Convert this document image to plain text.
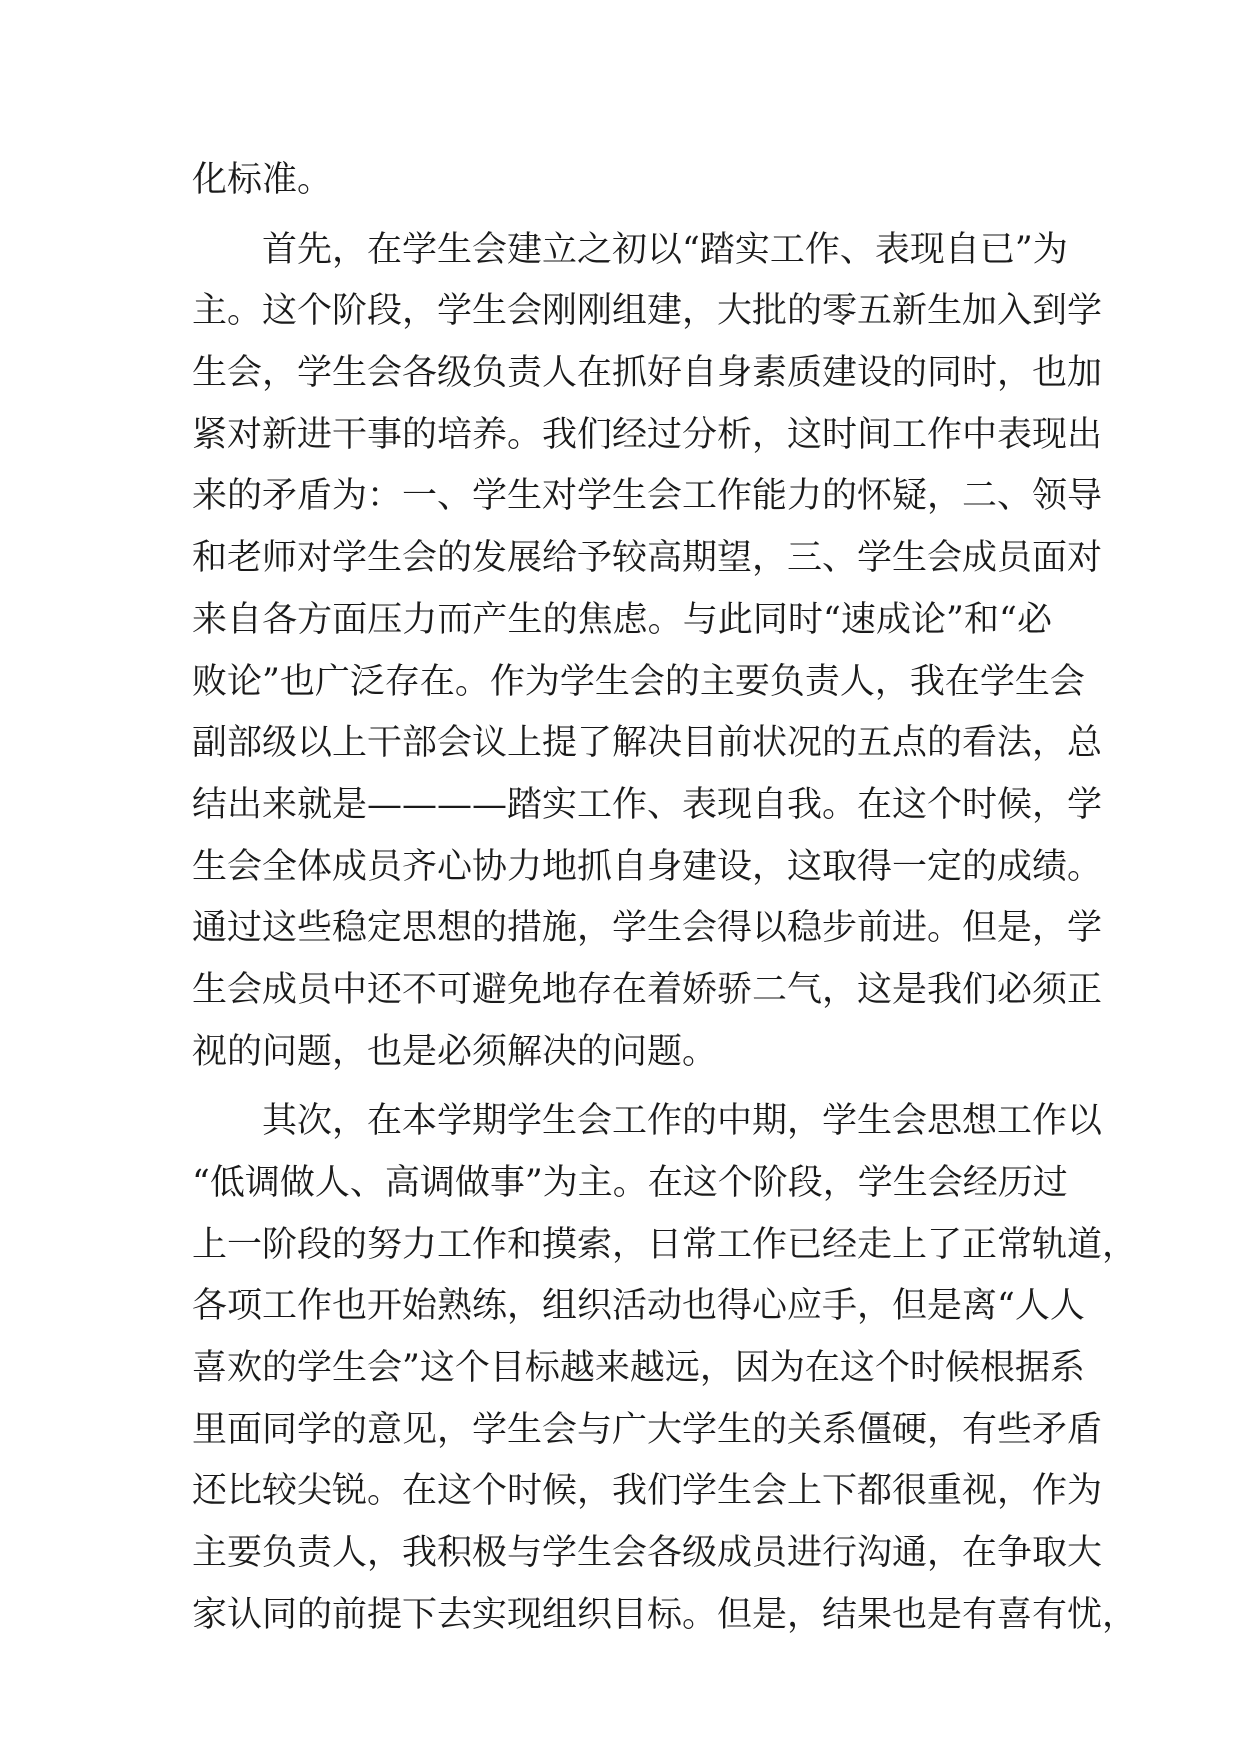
化标准。
　　首先，在学生会建立之初以“踏实工作、表现自已”为
主。这个阶段，学生会刚刚组建，大批的零五新生加入到学
生会，学生会各级负责人在抓好自身素质建设的同时，也加
紧对新进干事的培养。我们经过分析，这时间工作中表现出
来的矛盾为：一、学生对学生会工作能力的怀疑，二、领导
和老师对学生会的发展给予较高期望，三、学生会成员面对
来自各方面压力而产生的焦虑。与此同时“速成论”和“必
败论”也广泛存在。作为学生会的主要负责人，我在学生会
副部级以上干部会议上提了解决目前状况的五点的看法，总
结出来就是————踏实工作、表现自我。在这个时候，学
生会全体成员齐心协力地抓自身建设，这取得一定的成绩。
通过这些稳定思想的措施，学生会得以稳步前进。但是，学
生会成员中还不可避免地存在着娇骄二气，这是我们必须正
视的问题，也是必须解决的问题。
　　其次，在本学期学生会工作的中期，学生会思想工作以
“低调做人、高调做事”为主。在这个阶段，学生会经历过
上一阶段的努力工作和摸索，日常工作已经走上了正常轨道，
各项工作也开始熟练，组织活动也得心应手，但是离“人人
喜欢的学生会”这个目标越来越远，因为在这个时候根据系
里面同学的意见，学生会与广大学生的关系僵硬，有些矛盾
还比较尖锐。在这个时候，我们学生会上下都很重视，作为
主要负责人，我积极与学生会各级成员进行沟通，在争取大
家认同的前提下去实现组织目标。但是，结果也是有喜有忧，
